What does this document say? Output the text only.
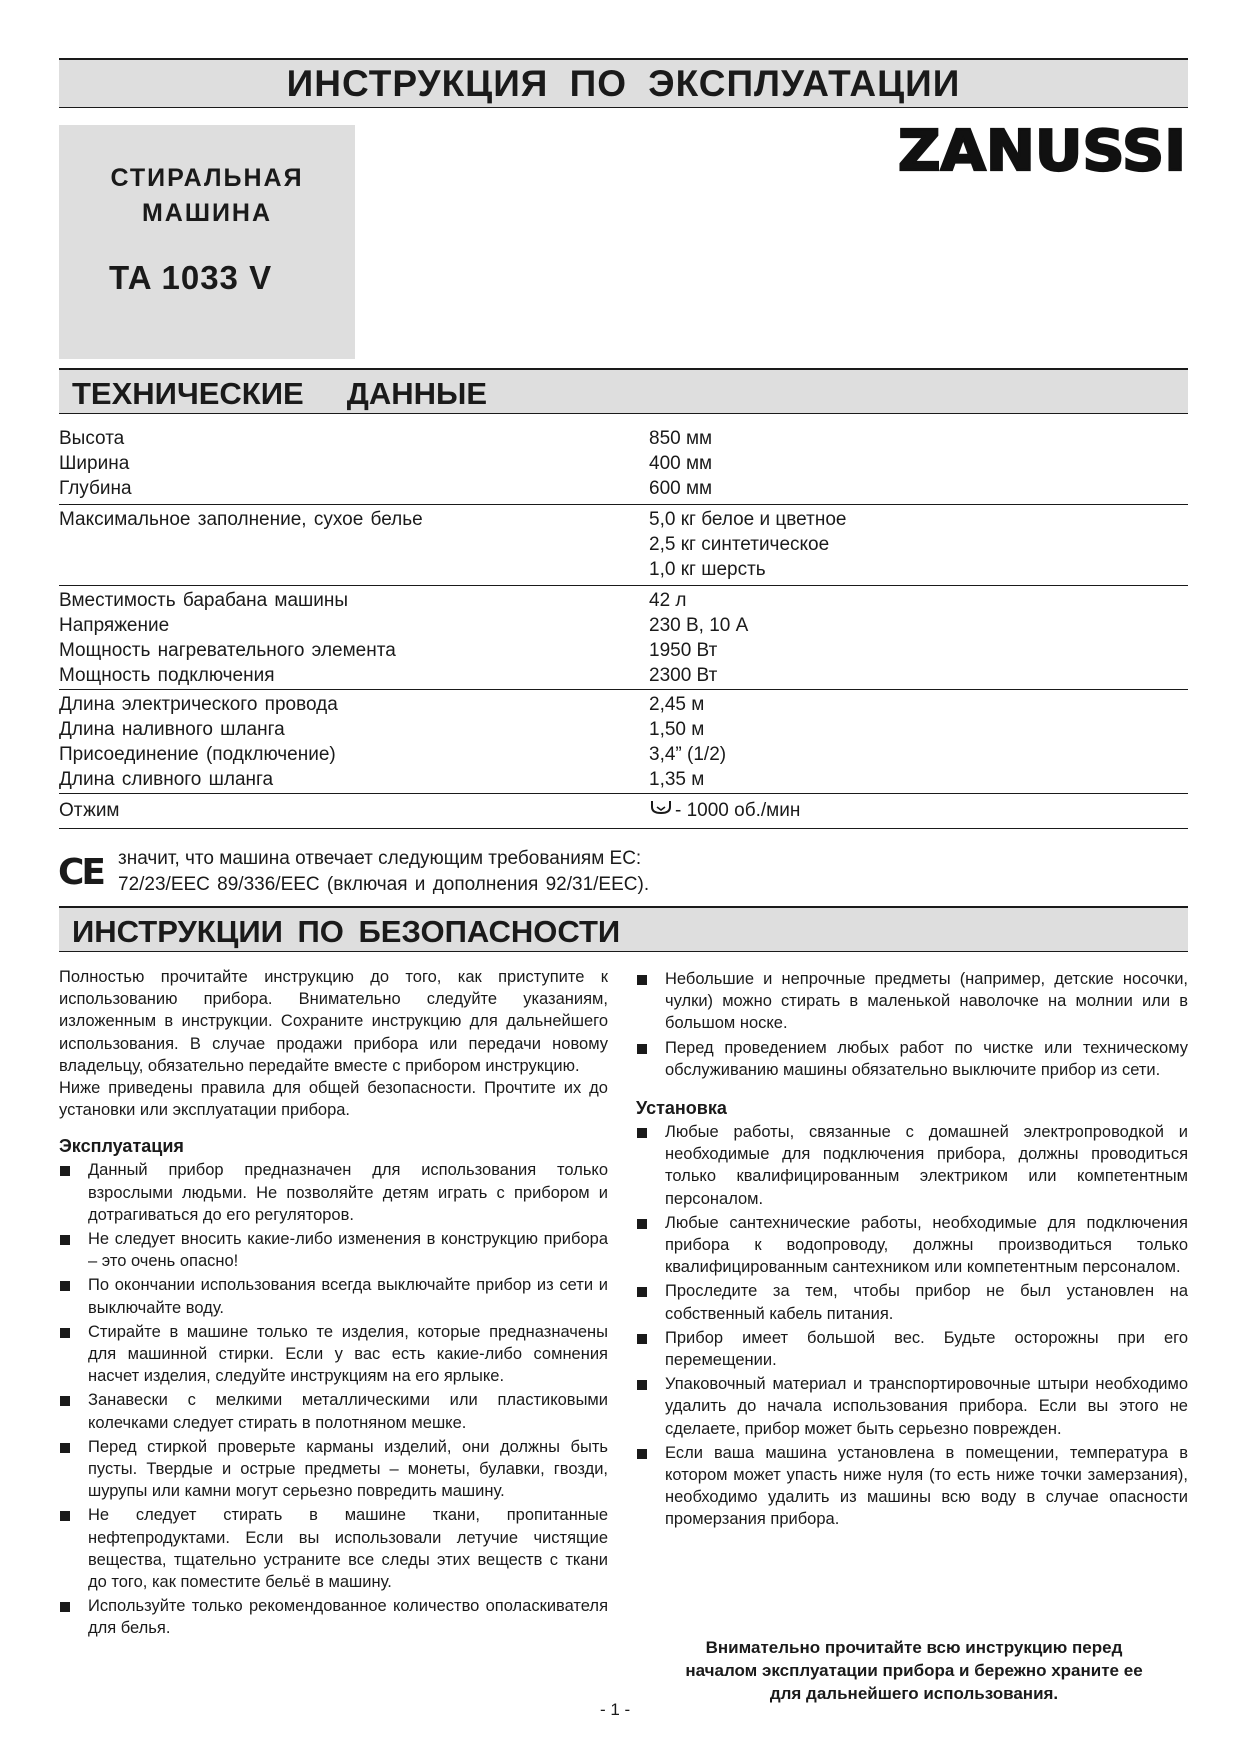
ИНСТРУКЦИЯ ПО ЭКСПЛУАТАЦИИ
СТИРАЛЬНАЯ
МАШИНА
TA 1033 V
ZANUSSI
ТЕХНИЧЕСКИЕ     ДАННЫЕ
Высота	850 мм
Ширина	400 мм
Глубина	600 мм
Максимальное заполнение, сухое белье	5,0 кг белое и цветное
2,5 кг синтетическое
1,0 кг шерсть
Вместимость барабана машины	42 л
Напряжение	230 В, 10 А
Мощность нагревательного элемента	1950 Вт
Мощность подключения	2300 Вт
Длина электрического провода	2,45 м
Длина наливного шланга	1,50 м
Присоединение (подключение)	3,4” (1/2)
Длина сливного шланга	1,35 м
Отжим	- 1000 об./мин
CE значит, что машина отвечает следующим требованиям ЕС:
72/23/EEC 89/336/EEC (включая и дополнения 92/31/EEC).
ИНСТРУКЦИИ ПО БЕЗОПАСНОСТИ

Полностью прочитайте инструкцию до того, как приступите к использованию прибора. Внимательно следуйте указаниям, изложенным в инструкции. Сохраните инструкцию для дальнейшего использования. В случае продажи прибора или передачи новому владельцу, обязательно передайте вместе с прибором инструкцию.

Ниже приведены правила для общей безопасности. Прочтите их до установки или эксплуатации прибора.

Эксплуатация
Данный прибор предназначен для использования только взрослыми людьми. Не позволяйте детям играть с прибором и дотрагиваться до его регуляторов.
Не следует вносить какие-либо изменения в конструкцию прибора – это очень опасно!
По окончании использования всегда выключайте прибор из сети и выключайте воду.
Стирайте в машине только те изделия, которые предназначены для машинной стирки. Если у вас есть какие-либо сомнения насчет изделия, следуйте инструкциям на его ярлыке.
Занавески с мелкими металлическими или пластиковыми колечками следует стирать в полотняном мешке.
Перед стиркой проверьте карманы изделий, они должны быть пусты. Твердые и острые предметы – монеты, булавки, гвозди, шурупы или камни могут серьезно повредить машину.
Не следует стирать в машине ткани, пропитанные нефтепродуктами. Если вы использовали летучие чистящие вещества, тщательно устраните все следы этих веществ с ткани до того, как поместите бельё в машину.
Используйте только рекомендованное количество ополаскивателя для белья.
Небольшие и непрочные предметы (например, детские носочки, чулки) можно стирать в маленькой наволочке на молнии или в большом носке.
Перед проведением любых работ по чистке или техническому обслуживанию машины обязательно выключите прибор из сети.
Установка
Любые работы, связанные с домашней электропроводкой и необходимые для подключения прибора, должны проводиться только квалифицированным электриком или компетентным персоналом.
Любые сантехнические работы, необходимые для подключения прибора к водопроводу, должны производиться только квалифицированным сантехником или компетентным персоналом.
Проследите за тем, чтобы прибор не был установлен на собственный кабель питания.
Прибор имеет большой вес. Будьте осторожны при его перемещении.
Упаковочный материал и транспортировочные штыри необходимо удалить до начала использования прибора. Если вы этого не сделаете, прибор может быть серьезно поврежден.
Если ваша машина установлена в помещении, температура в котором может упасть ниже нуля (то есть ниже точки замерзания), необходимо удалить из машины всю воду в случае опасности промерзания прибора.
Внимательно прочитайте всю инструкцию перед
началом эксплуатации прибора и бережно храните ее
для дальнейшего использования.
- 1 -
